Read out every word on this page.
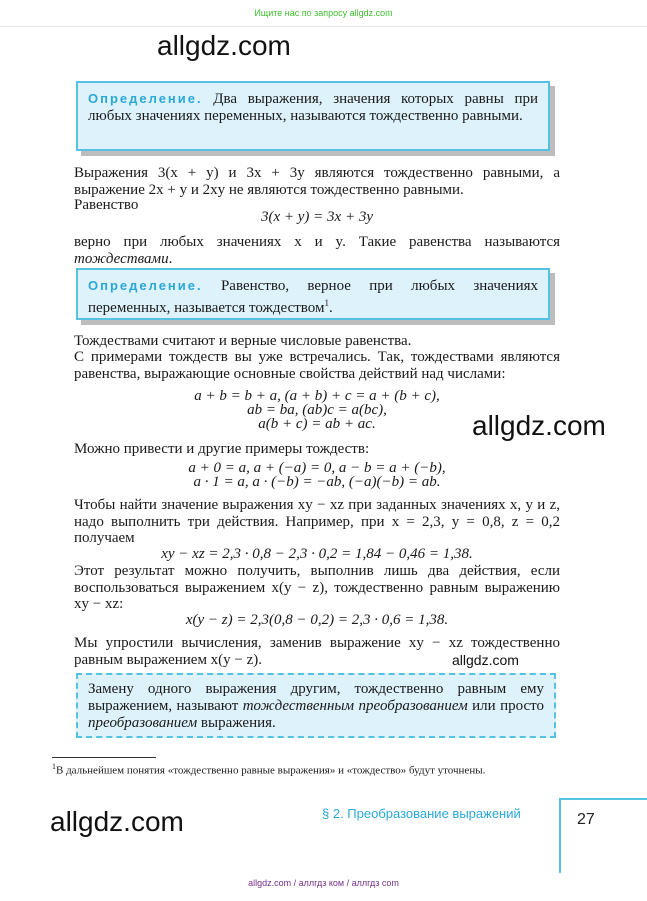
Ищите нас по запросу allgdz.com
allgdz.com
Определение. Два выражения, значения которых равны при любых значениях переменных, называются тождественно равными.
Выражения 3(x + y) и 3x + 3y являются тождественно равными, а выражение 2x + y и 2xy не являются тождественно равными.
Равенство
3(x + y) = 3x + 3y
верно при любых значениях x и y. Такие равенства называются тождествами.
Определение. Равенство, верное при любых значениях переменных, называется тождеством$^1$.
Тождествами считают и верные числовые равенства.
С примерами тождеств вы уже встречались. Так, тождествами являются равенства, выражающие основные свойства действий над числами:
a + b = b + a, (a + b) + c = a + (b + c),
ab = ba, (ab)c = a(bc),
a(b + c) = ab + ac.	allgdz.com
Можно привести и другие примеры тождеств:
a + 0 = a, a + (−a) = 0, a − b = a + (−b),
a · 1 = a, a · (−b) = −ab, (−a)(−b) = ab.
Чтобы найти значение выражения xy − xz при заданных значениях x, y и z, надо выполнить три действия. Например, при x = 2,3, y = 0,8, z = 0,2 получаем
xy − xz = 2,3 · 0,8 − 2,3 · 0,2 = 1,84 − 0,46 = 1,38.
Этот результат можно получить, выполнив лишь два действия, если воспользоваться выражением x(y − z), тождественно равным выражению xy − xz:
x(y − z) = 2,3(0,8 − 0,2) = 2,3 · 0,6 = 1,38.
Мы упростили вычисления, заменив выражение xy − xz тождественно равным выражением x(y − z).	allgdz.com
Замену одного выражения другим, тождественно равным ему выражением, называют тождественным преобразованием или просто преобразованием выражения.
$^1$В дальнейшем понятия «тождественно равные выражения» и «тождество» будут уточнены.
allgdz.com	§ 2. Преобразование выражений	27
allgdz.com / аллгдз ком / аллгдз com
